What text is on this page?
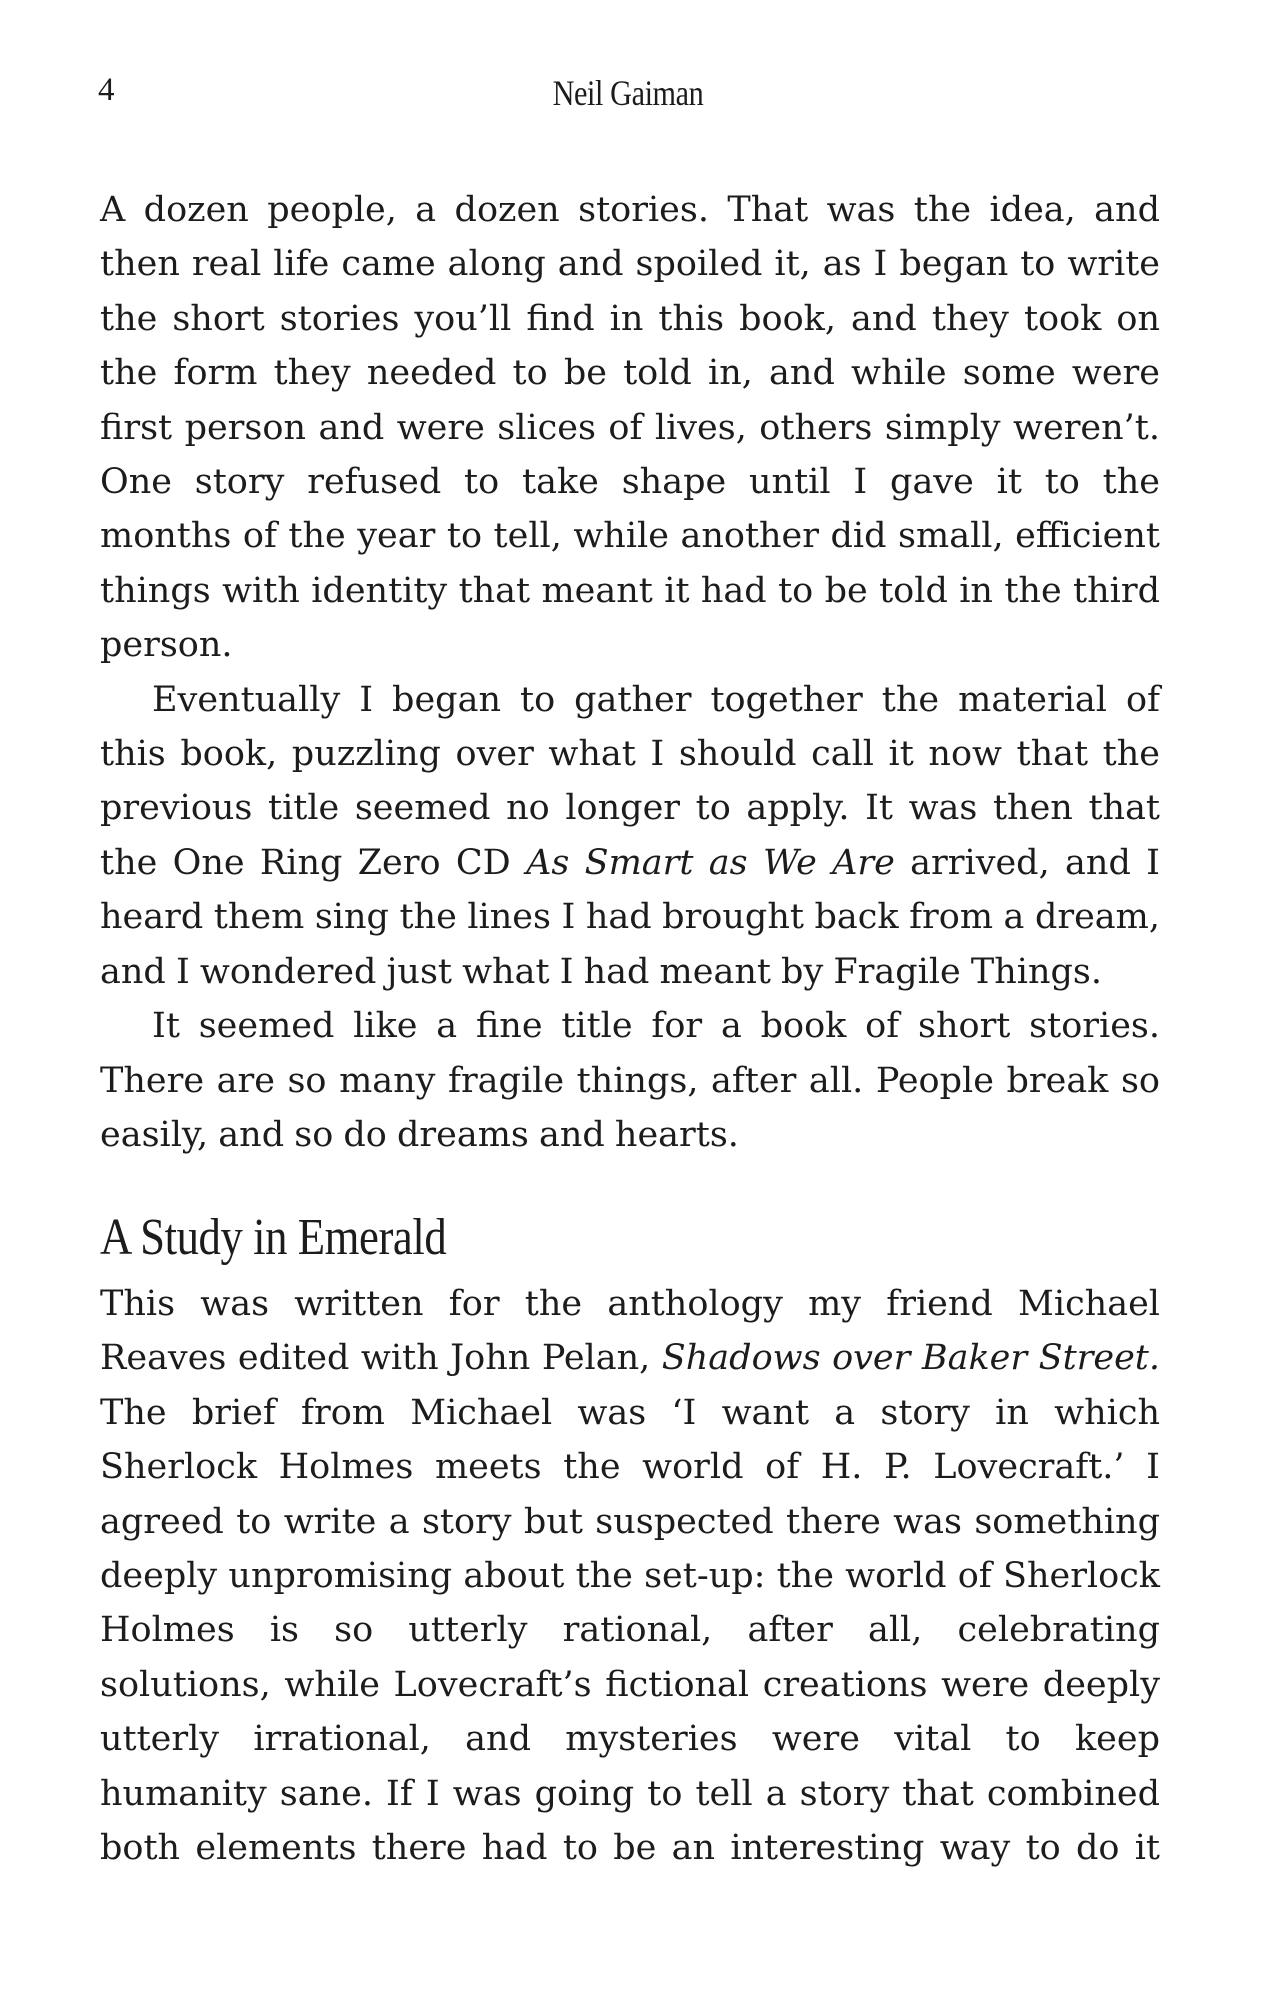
4	Neil Gaiman

A dozen people, a dozen stories. That was the idea, and then real life came along and spoiled it, as I began to write the short stories you’ll find in this book, and they took on the form they needed to be told in, and while some were first person and were slices of lives, others simply weren’t. One story refused to take shape until I gave it to the months of the year to tell, while another did small, efficient things with identity that meant it had to be told in the third person.

Eventually I began to gather together the material of this book, puzzling over what I should call it now that the previous title seemed no longer to apply. It was then that the One Ring Zero CD As Smart as We Are arrived, and I heard them sing the lines I had brought back from a dream, and I wondered just what I had meant by Fragile Things.

It seemed like a fine title for a book of short stories. There are so many fragile things, after all. People break so easily, and so do dreams and hearts.

A Study in Emerald

This was written for the anthology my friend Michael Reaves edited with John Pelan, Shadows over Baker Street. The brief from Michael was ‘I want a story in which Sherlock Holmes meets the world of H. P. Lovecraft.’ I agreed to write a story but suspected there was something deeply unpromising about the set-up: the world of Sherlock Holmes is so utterly rational, after all, celebrating solutions, while Lovecraft’s fictional creations were deeply utterly irrational, and mysteries were vital to keep humanity sane. If I was going to tell a story that combined both elements there had to be an interesting way to do it
